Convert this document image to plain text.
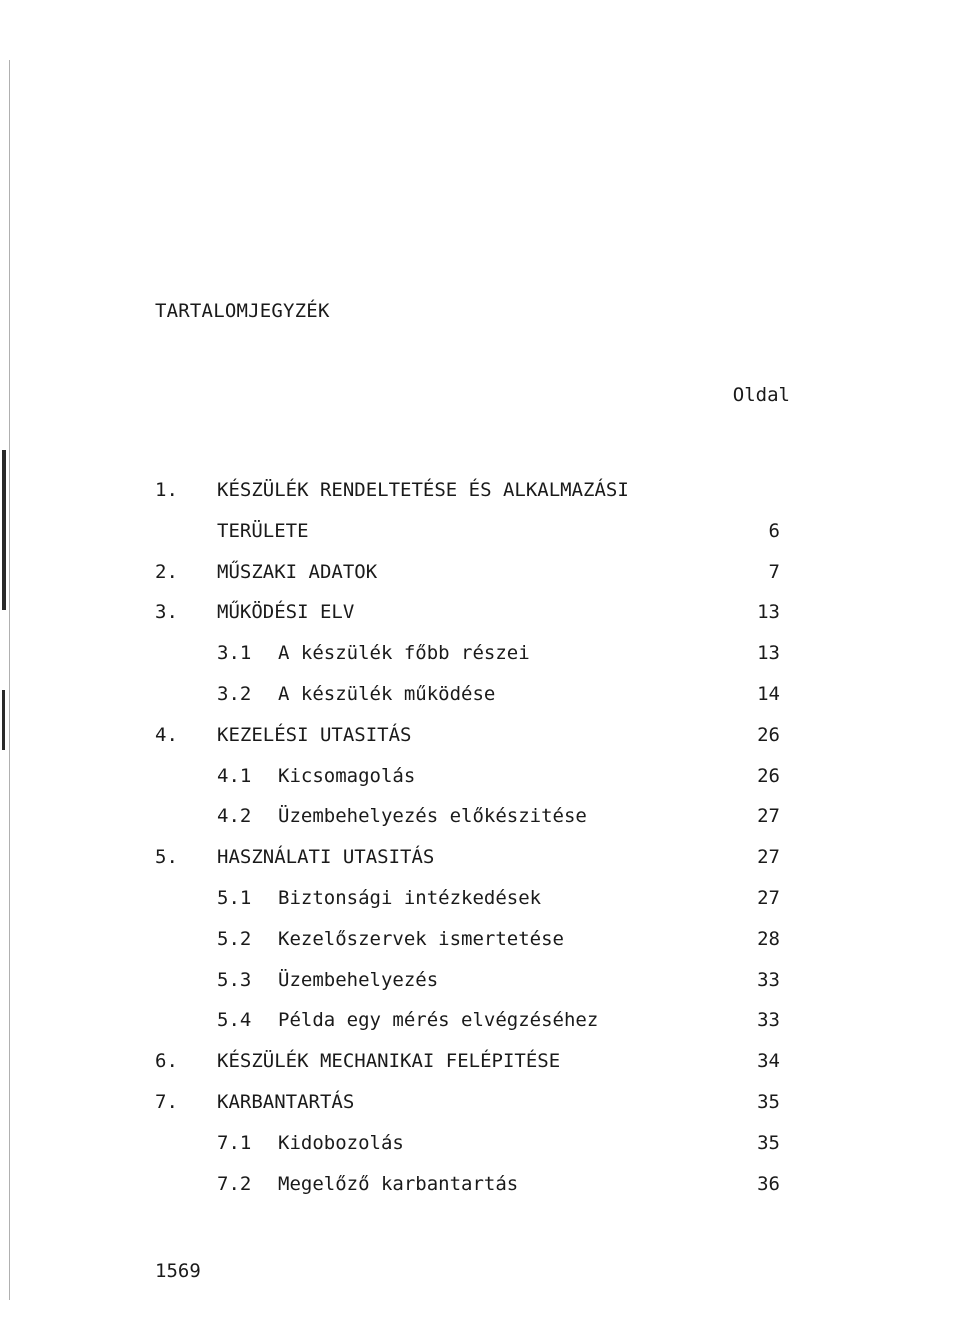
TARTALOMJEGYZÉK
Oldal
1. KÉSZÜLÉK RENDELTETÉSE ÉS ALKALMAZÁSI
TERÜLETE	6
2. MŰSZAKI ADATOK	7
3. MŰKÖDÉSI ELV	13
3.1 A készülék főbb részei	13
3.2 A készülék működése	14
4. KEZELÉSI UTASITÁS	26
4.1 Kicsomagolás	26
4.2 Üzembehelyezés előkészitése	27
5. HASZNÁLATI UTASITÁS	27
5.1 Biztonsági intézkedések	27
5.2 Kezelőszervek ismertetése	28
5.3 Üzembehelyezés	33
5.4 Példa egy mérés elvégzéséhez	33
6. KÉSZÜLÉK MECHANIKAI FELÉPITÉSE	34
7. KARBANTARTÁS	35
7.1 Kidobozolás	35
7.2 Megelőző karbantartás	36
1569
